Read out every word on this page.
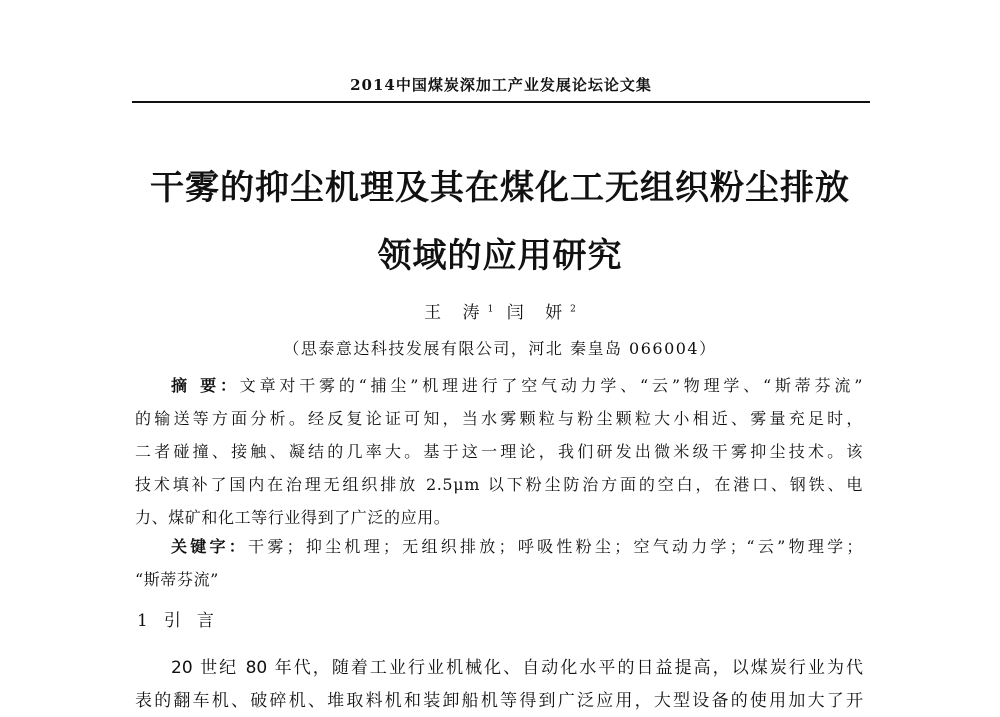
2014中国煤炭深加工产业发展论坛论文集
干雾的抑尘机理及其在煤化工无组织粉尘排放
领域的应用研究
王 涛$^1$ 闫 妍$^2$
（思泰意达科技发展有限公司，河北 秦皇岛 066004）
摘 要：文章对干雾的“捕尘”机理进行了空气动力学、“云”物理学、“斯蒂芬流”
的输送等方面分析。经反复论证可知，当水雾颗粒与粉尘颗粒大小相近、雾量充足时，
二者碰撞、接触、凝结的几率大。基于这一理论，我们研发出微米级干雾抑尘技术。该
技术填补了国内在治理无组织排放 2.5μm 以下粉尘防治方面的空白，在港口、钢铁、电
力、煤矿和化工等行业得到了广泛的应用。
关键字：干雾；抑尘机理；无组织排放；呼吸性粉尘；空气动力学；“云”物理学；
“斯蒂芬流”
1 引言
20 世纪 80 年代，随着工业行业机械化、自动化水平的日益提高，以煤炭行业为代
表的翻车机、破碎机、堆取料机和装卸船机等得到广泛应用，大型设备的使用加大了开
